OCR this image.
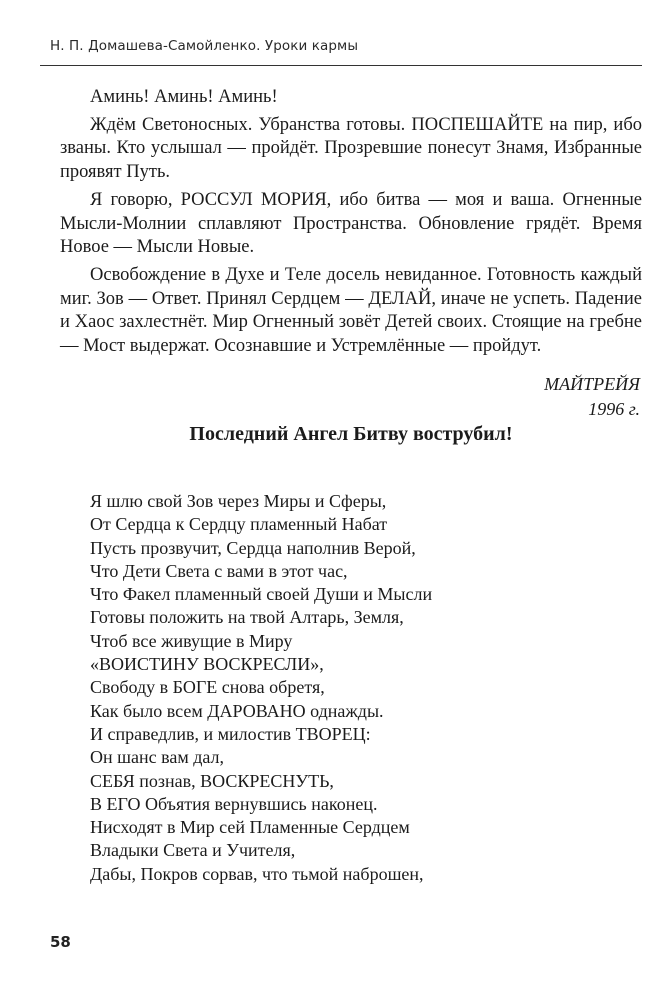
Н. П. Домашева-Самойленко. Уроки кармы

Аминь! Аминь! Аминь!

Ждём Светоносных. Убранства готовы. ПОСПЕШАЙТЕ на пир, ибо званы. Кто услышал — пройдёт. Прозревшие понесут Знамя, Избранные проявят Путь.

Я говорю, РОССУЛ МОРИЯ, ибо битва — моя и ваша. Огненные Мысли-Молнии сплавляют Пространства. Обновление грядёт. Время Новое — Мысли Новые.

Освобождение в Духе и Теле досель невиданное. Готовность каждый миг. Зов — Ответ. Принял Сердцем — ДЕЛАЙ, иначе не успеть. Падение и Хаос захлестнёт. Мир Огненный зовёт Детей своих. Стоящие на гребне — Мост выдержат. Осознавшие и Устремлённые — пройдут.

МАЙТРЕЙЯ
1996 г.
Последний Ангел Битву вострубил!
Я шлю свой Зов через Миры и Сферы,
От Сердца к Сердцу пламенный Набат
Пусть прозвучит, Сердца наполнив Верой,
Что Дети Света с вами в этот час,
Что Факел пламенный своей Души и Мысли
Готовы положить на твой Алтарь, Земля,
Чтоб все живущие в Миру
«ВОИСТИНУ ВОСКРЕСЛИ»,
Свободу в БОГЕ снова обретя,
Как было всем ДАРОВАНО однажды.
И справедлив, и милостив ТВОРЕЦ:
Он шанс вам дал,
СЕБЯ познав, ВОСКРЕСНУТЬ,
В ЕГО Объятия вернувшись наконец.
Нисходят в Мир сей Пламенные Сердцем
Владыки Света и Учителя,
Дабы, Покров сорвав, что тьмой наброшен,
58
